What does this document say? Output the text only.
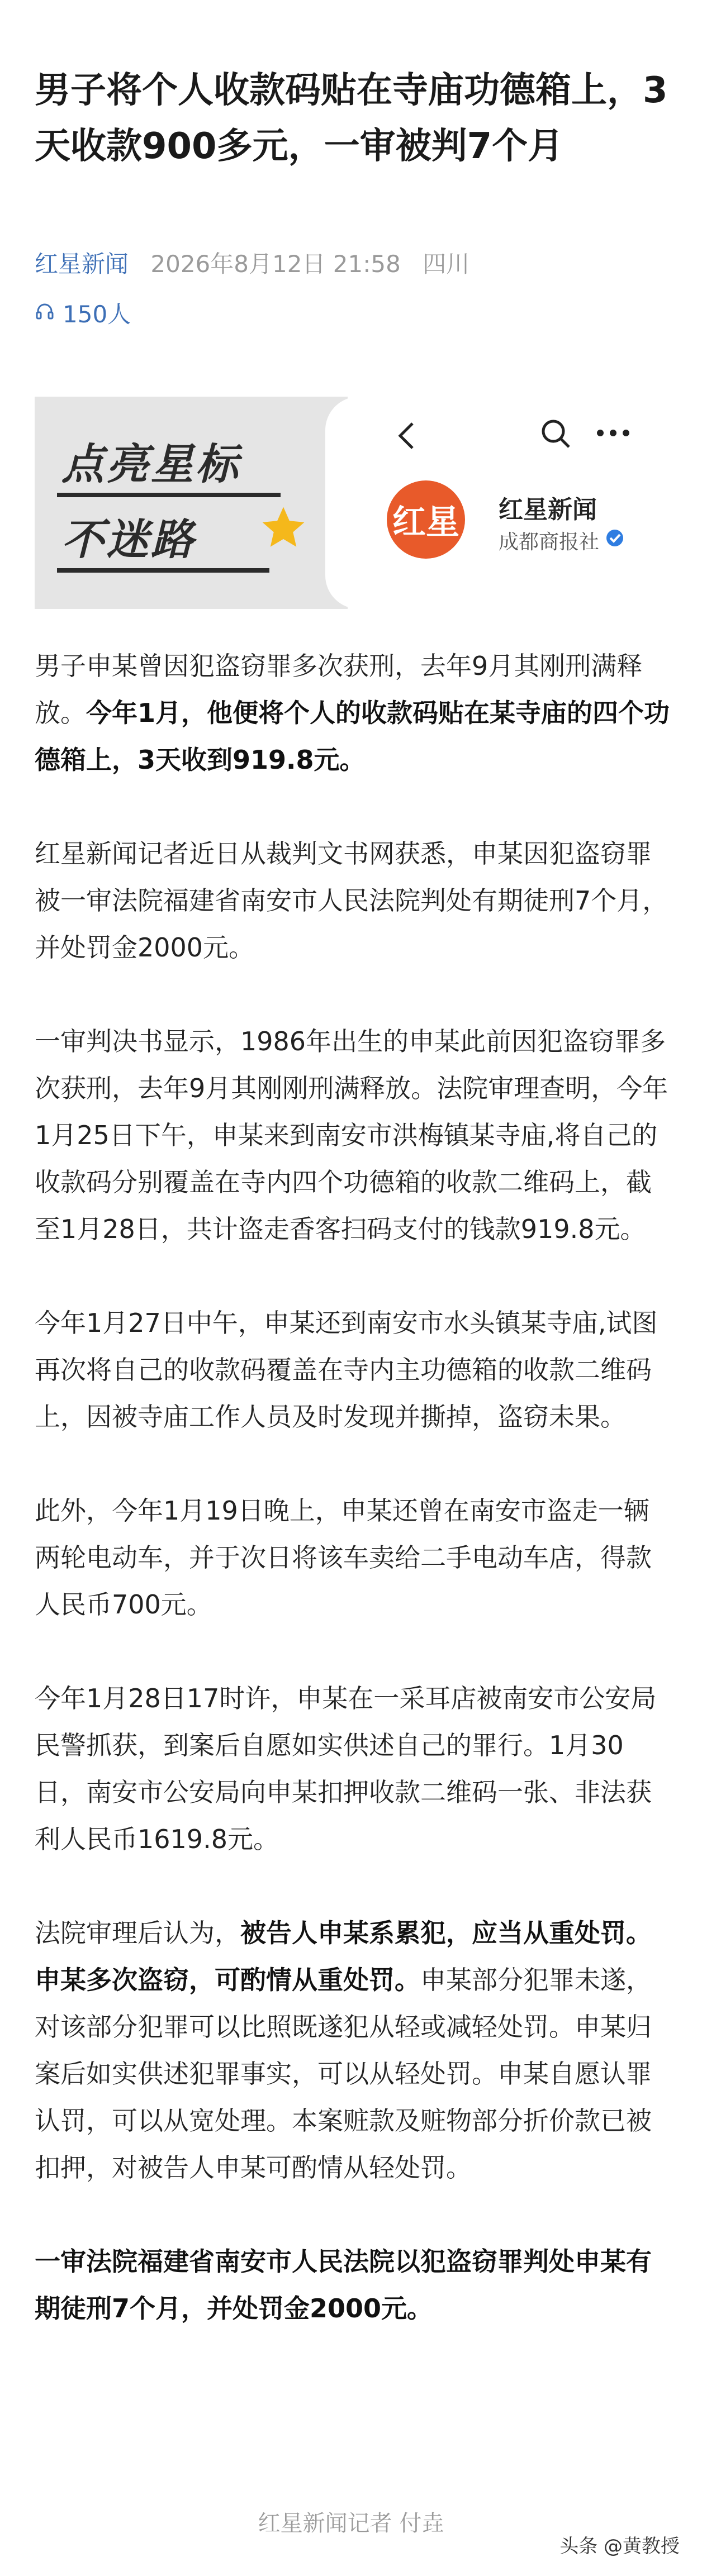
男子将个人收款码贴在寺庙功德箱上，3天收款900多元，一审被判7个月
红星新闻 2026年8月12日 21:58 四川
150人
点亮星标
不迷路	红星 红星新闻
成都商报社

男子申某曾因犯盗窃罪多次获刑，去年9月其刚刑满释放。今年1月，他便将个人的收款码贴在某寺庙的四个功德箱上，3天收到919.8元。

红星新闻记者近日从裁判文书网获悉，申某因犯盗窃罪被一审法院福建省南安市人民法院判处有期徒刑7个月，并处罚金2000元。

一审判决书显示，1986年出生的申某此前因犯盗窃罪多次获刑，去年9月其刚刚刑满释放。法院审理查明，今年1月25日下午，申某来到南安市洪梅镇某寺庙,将自己的收款码分别覆盖在寺内四个功德箱的收款二维码上，截至1月28日，共计盗走香客扫码支付的钱款919.8元。

今年1月27日中午，申某还到南安市水头镇某寺庙,试图再次将自己的收款码覆盖在寺内主功德箱的收款二维码上，因被寺庙工作人员及时发现并撕掉，盗窃未果。

此外，今年1月19日晚上，申某还曾在南安市盗走一辆两轮电动车，并于次日将该车卖给二手电动车店，得款人民币700元。

今年1月28日17时许，申某在一采耳店被南安市公安局民警抓获，到案后自愿如实供述自己的罪行。1月30日，南安市公安局向申某扣押收款二维码一张、非法获利人民币1619.8元。

法院审理后认为，被告人申某系累犯，应当从重处罚。申某多次盗窃，可酌情从重处罚。申某部分犯罪未遂，对该部分犯罪可以比照既遂犯从轻或减轻处罚。申某归案后如实供述犯罪事实，可以从轻处罚。申某自愿认罪认罚，可以从宽处理。本案赃款及赃物部分折价款已被扣押，对被告人申某可酌情从轻处罚。

一审法院福建省南安市人民法院以犯盗窃罪判处申某有期徒刑7个月，并处罚金2000元。

红星新闻记者 付垚
头条 @黄教授
